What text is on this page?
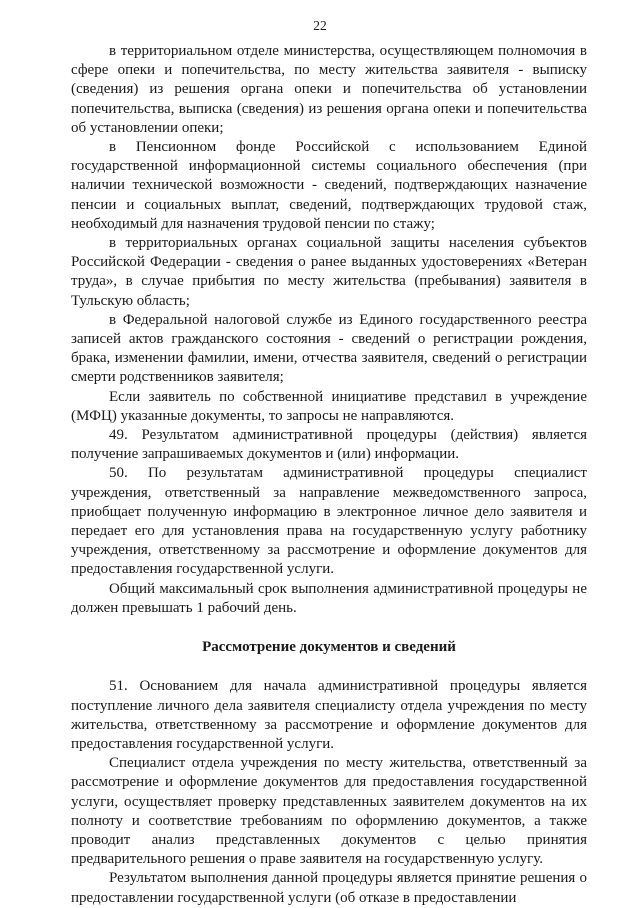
22

в территориальном отделе министерства, осуществляющем полномочия в сфере опеки и попечительства, по месту жительства заявителя - выписку (сведения) из решения органа опеки и попечительства об установлении попечительства, выписка (сведения) из решения органа опеки и попечительства об установлении опеки;

в Пенсионном фонде Российской с использованием Единой государственной информационной системы социального обеспечения (при наличии технической возможности - сведений, подтверждающих назначение пенсии и социальных выплат, сведений, подтверждающих трудовой стаж, необходимый для назначения трудовой пенсии по стажу;

в территориальных органах социальной защиты населения субъектов Российской Федерации - сведения о ранее выданных удостоверениях «Ветеран труда», в случае прибытия по месту жительства (пребывания) заявителя в Тульскую область;

в Федеральной налоговой службе из Единого государственного реестра записей актов гражданского состояния - сведений о регистрации рождения, брака, изменении фамилии, имени, отчества заявителя, сведений о регистрации смерти родственников заявителя;

Если заявитель по собственной инициативе представил в учреждение (МФЦ) указанные документы, то запросы не направляются.

49. Результатом административной процедуры (действия) является получение запрашиваемых документов и (или) информации.

50. По результатам административной процедуры специалист учреждения, ответственный за направление межведомственного запроса, приобщает полученную информацию в электронное личное дело заявителя и передает его для установления права на государственную услугу работнику учреждения, ответственному за рассмотрение и оформление документов для предоставления государственной услуги.

Общий максимальный срок выполнения административной процедуры не должен превышать 1 рабочий день.

Рассмотрение документов и сведений

51. Основанием для начала административной процедуры является поступление личного дела заявителя специалисту отдела учреждения по месту жительства, ответственному за рассмотрение и оформление документов для предоставления государственной услуги.

Специалист отдела учреждения по месту жительства, ответственный за рассмотрение и оформление документов для предоставления государственной услуги, осуществляет проверку представленных заявителем документов на их полноту и соответствие требованиям по оформлению документов, а также проводит анализ представленных документов с целью принятия предварительного решения о праве заявителя на государственную услугу.

Результатом выполнения данной процедуры является принятие решения о предоставлении государственной услуги (об отказе в предоставлении
